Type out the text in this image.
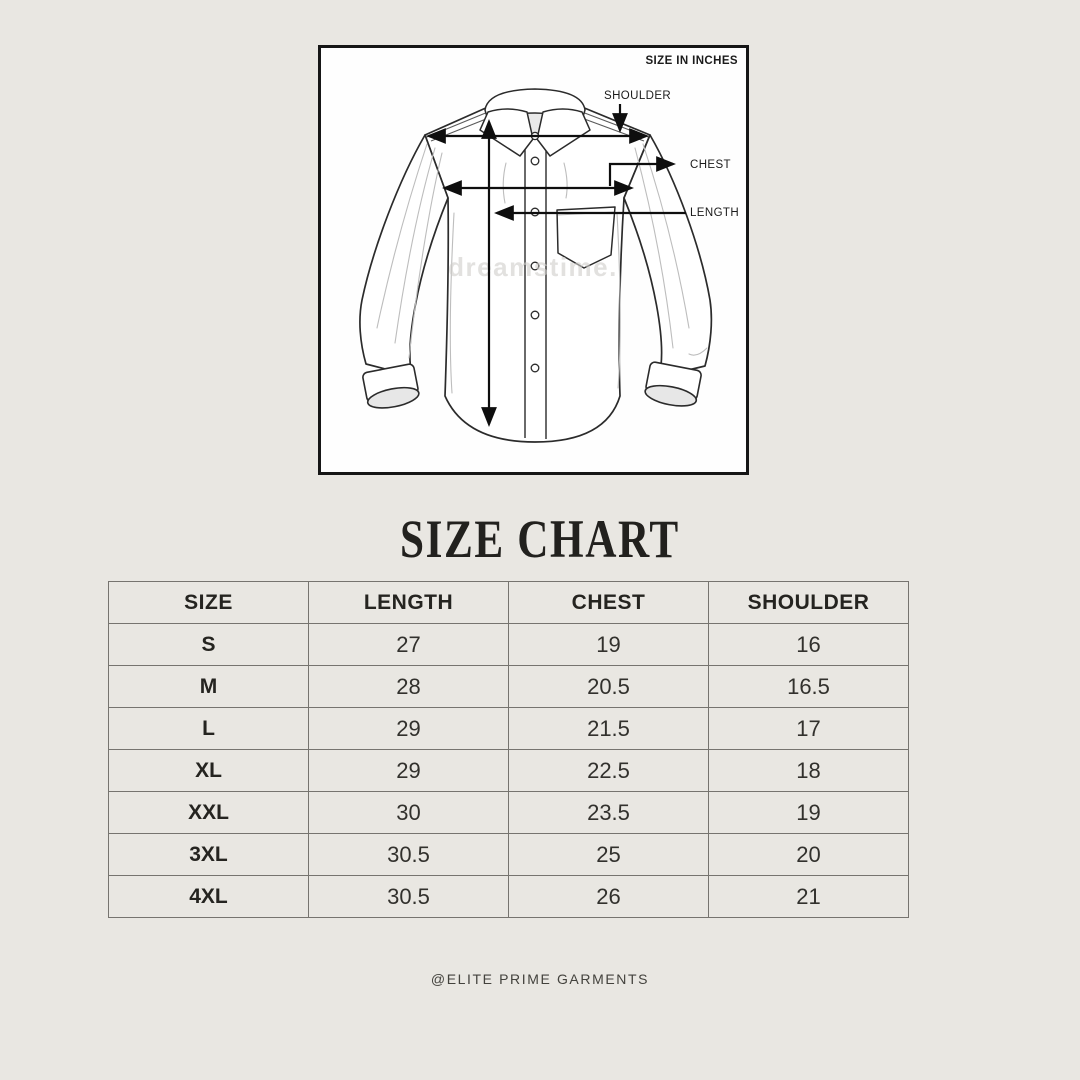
dreamstime.
SIZE IN INCHES
SHOULDER
CHEST
LENGTH
SIZE CHART
SIZE	LENGTH	CHEST	SHOULDER
S	27	19	16
M	28	20.5	16.5
L	29	21.5	17
XL	29	22.5	18
XXL	30	23.5	19
3XL	30.5	25	20
4XL	30.5	26	21
@ELITE PRIME GARMENTS
